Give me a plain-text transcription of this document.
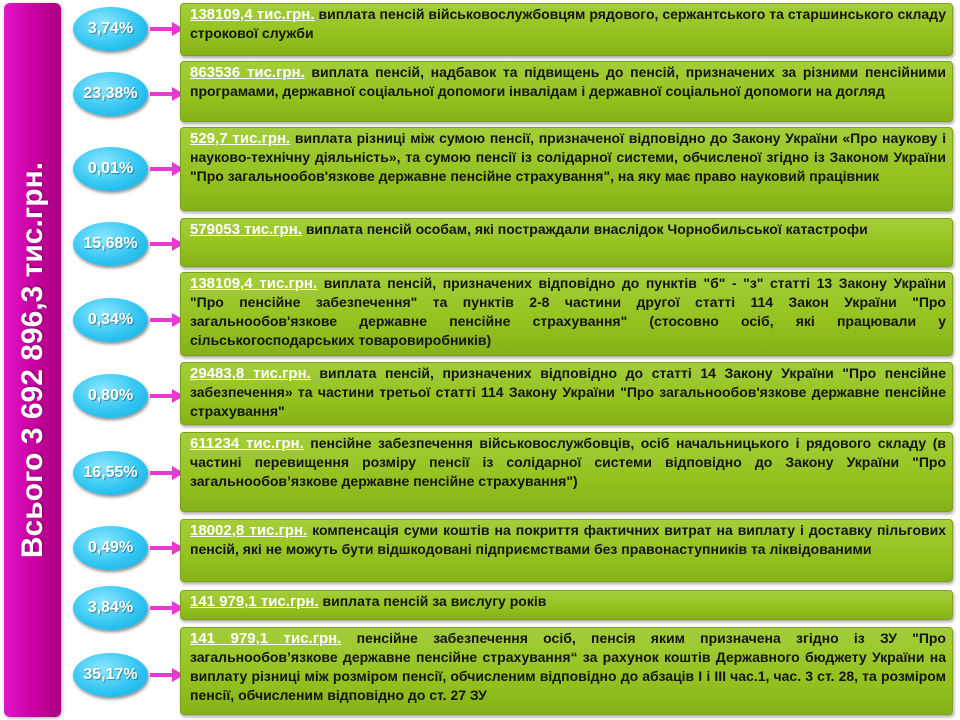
Всього 3 692 896,3 тис.грн.
3,74%
138109,4 тис.грн. виплата пенсій військовослужбовцям рядового, сержантського та старшинського складу строкової служби
23,38%
863536 тис.грн. виплата пенсій, надбавок та підвищень до пенсій, призначених за різними пенсійними програмами, державної соціальної допомоги інвалідам і державної соціальної допомоги на догляд
0,01%
529,7 тис.грн. виплата різниці між сумою пенсії, призначеної відповідно до Закону України «Про наукову і науково-технічну діяльність», та сумою пенсії із солідарної системи, обчисленої згідно із Законом України "Про загальнообов'язкове державне пенсійне страхування", на яку має право науковий працівник
15,68%
579053 тис.грн. виплата пенсій особам, які постраждали внаслідок Чорнобильської катастрофи
0,34%
138109,4 тис.грн. виплата пенсій, призначених відповідно до пунктів "б" - "з" статті 13 Закону України "Про пенсійне забезпечення" та пунктів 2-8 частини другої статті 114 Закон України "Про загальнообов'язкове державне пенсійне страхування" (стосовно осіб, які працювали у сільськогосподарських товаровиробників)
0,80%
29483,8 тис.грн. виплата пенсій, призначених відповідно до статті 14 Закону України "Про пенсійне забезпечення» та частини третьої статті 114 Закону України "Про загальнообов'язкове державне пенсійне страхування"
16,55%
611234 тис.грн. пенсійне забезпечення військовослужбовців, осіб начальницького і рядового складу (в частині перевищення розміру пенсії із солідарної системи відповідно до Закону України "Про загальнообов’язкове державне пенсійне страхування")
0,49%
18002,8 тис.грн. компенсація суми коштів на покриття фактичних витрат на виплату і доставку пільгових пенсій, які не можуть бути відшкодовані підприємствами без правонаступників та ліквідованими
3,84%	141 979,1 тис.грн. виплата пенсій за вислугу років
35,17%
141 979,1 тис.грн. пенсійне забезпечення осіб, пенсія яким призначена згідно із ЗУ "Про загальнообов’язкове державне пенсійне страхування“ за рахунок коштів Державного бюджету України на виплату різниці між розміром пенсії, обчисленим відповідно до абзаців І і ІІІ час.1, час. 3 ст. 28, та розміром пенсії, обчисленим відповідно до ст. 27 ЗУ
